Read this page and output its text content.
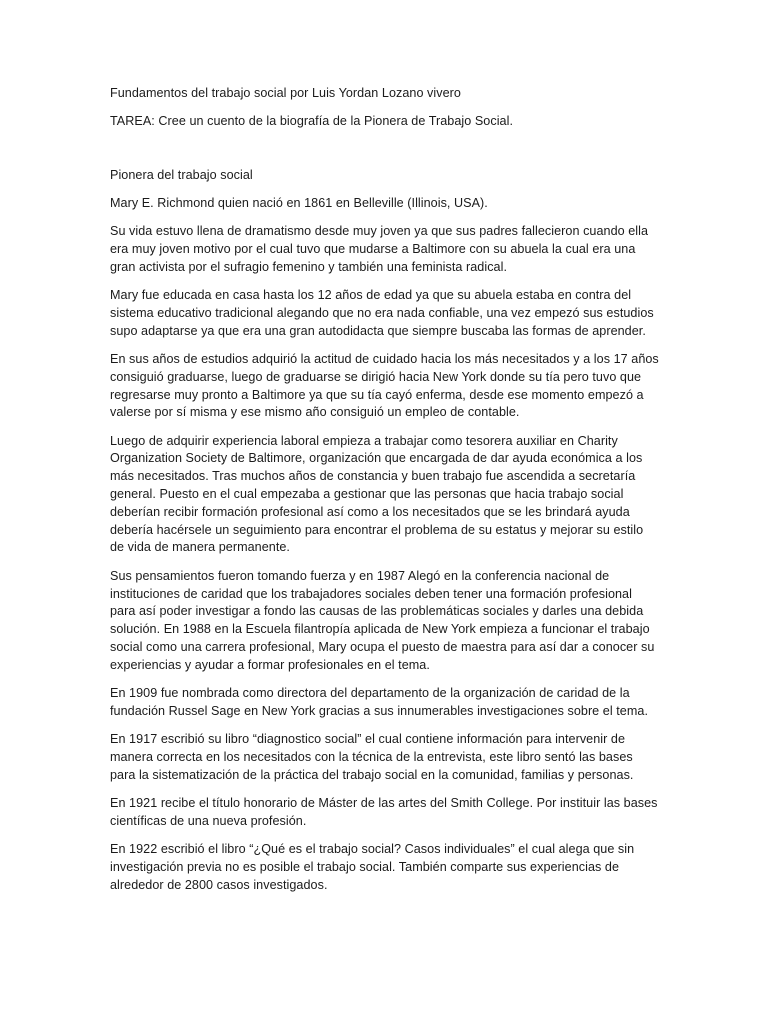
Fundamentos del trabajo social por Luis Yordan Lozano vivero

TAREA: Cree un cuento de la biografía de la Pionera de Trabajo Social.

Pionera del trabajo social

Mary E. Richmond quien nació en 1861 en Belleville (Illinois, USA).

Su vida estuvo llena de dramatismo desde muy joven ya que sus padres fallecieron cuando ella era muy joven motivo por el cual tuvo que mudarse a Baltimore con su abuela la cual era una gran activista por el sufragio femenino y también una feminista radical.

Mary fue educada en casa hasta los 12 años de edad ya que su abuela estaba en contra del sistema educativo tradicional alegando que no era nada confiable, una vez empezó sus estudios supo adaptarse ya que era una gran autodidacta que siempre buscaba las formas de aprender.

En sus años de estudios adquirió la actitud de cuidado hacia los más necesitados y a los 17 años consiguió graduarse, luego de graduarse se dirigió hacia New York donde su tía pero tuvo que regresarse muy pronto a Baltimore ya que su tía cayó enferma, desde ese momento empezó a valerse por sí misma y ese mismo año consiguió un empleo de contable.

Luego de adquirir experiencia laboral empieza a trabajar como tesorera auxiliar en Charity Organization Society de Baltimore, organización que encargada de dar ayuda económica a los más necesitados. Tras muchos años de constancia y buen trabajo fue ascendida a secretaría general. Puesto en el cual empezaba a gestionar que las personas que hacia trabajo social deberían recibir formación profesional así como a los necesitados que se les brindará ayuda debería hacérsele un seguimiento para encontrar el problema de su estatus y mejorar su estilo de vida de manera permanente.

Sus pensamientos fueron tomando fuerza y en 1987 Alegó en la conferencia nacional de instituciones de caridad que los trabajadores sociales deben tener una formación profesional para así poder investigar a fondo las causas de las problemáticas sociales y darles una debida solución. En 1988 en la Escuela filantropía aplicada de New York empieza a funcionar el trabajo social como una carrera profesional, Mary ocupa el puesto de maestra para así dar a conocer su experiencias y ayudar a formar profesionales en el tema.

En 1909 fue nombrada como directora del departamento de la organización de caridad de la fundación Russel Sage en New York gracias a sus innumerables investigaciones sobre el tema.

En 1917 escribió su libro “diagnostico social” el cual contiene información para intervenir de manera correcta en los necesitados con la técnica de la entrevista, este libro sentó las bases para la sistematización de la práctica del trabajo social en la comunidad, familias y personas.

En 1921 recibe el título honorario de Máster de las artes del Smith College. Por instituir las bases científicas de una nueva profesión.

En 1922 escribió el libro “¿Qué es el trabajo social? Casos individuales” el cual alega que sin investigación previa no es posible el trabajo social. También comparte sus experiencias de alrededor de 2800 casos investigados.
